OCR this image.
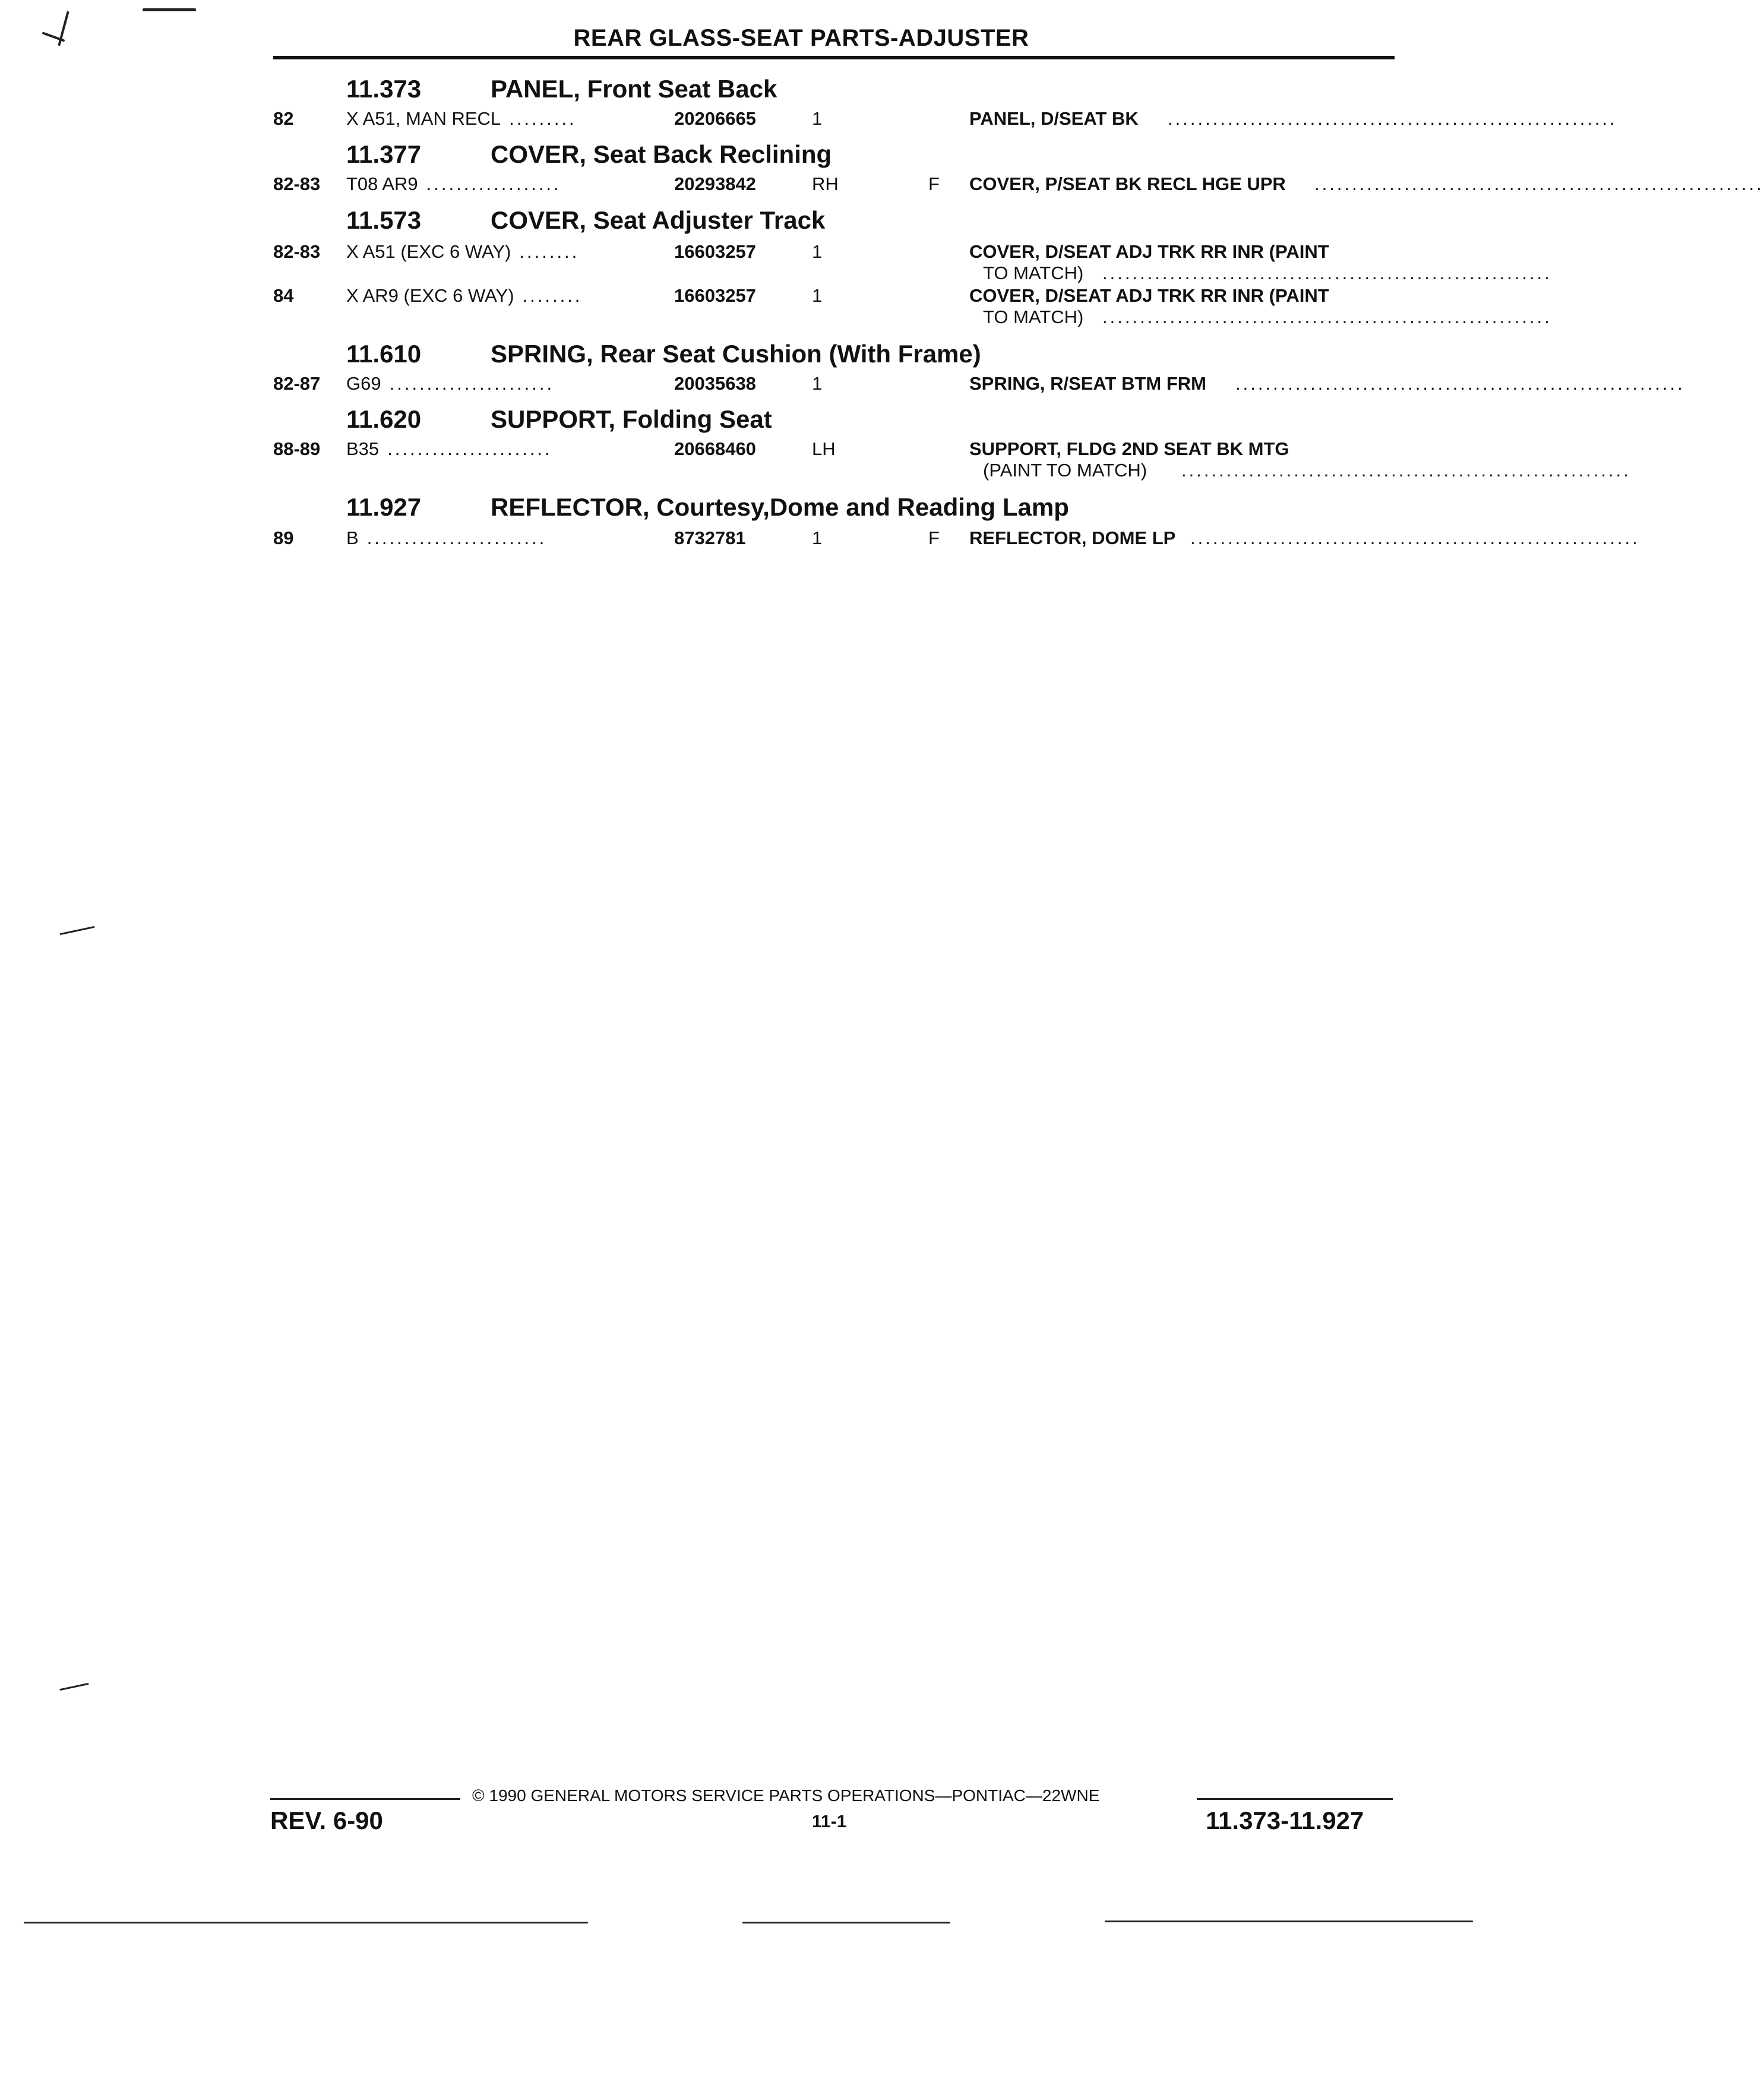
REAR GLASS-SEAT PARTS-ADJUSTER
11.373	PANEL, Front Seat Back
82	X A51, MAN RECL .........	20206665	1	PANEL, D/SEAT BK ............................................................
11.377	COVER, Seat Back Reclining
82-83 T08 AR9 ..................	20293842	RH	F COVER, P/SEAT BK RECL HGE UPR ............................................................
11.573	COVER, Seat Adjuster Track
82-83 X A51 (EXC 6 WAY) ........	16603257	1	COVER, D/SEAT ADJ TRK RR INR (PAINT
TO MATCH) ............................................................
84	X AR9 (EXC 6 WAY) ........	16603257	1	COVER, D/SEAT ADJ TRK RR INR (PAINT
TO MATCH) ............................................................
11.610	SPRING, Rear Seat Cushion (With Frame)
82-87 G69 ......................	20035638	1	SPRING, R/SEAT BTM FRM ............................................................
11.620	SUPPORT, Folding Seat
88-89 B35 ......................	20668460	LH	SUPPORT, FLDG 2ND SEAT BK MTG
(PAINT TO MATCH) ............................................................
11.927	REFLECTOR, Courtesy,Dome and Reading Lamp
89	B ........................	8732781	1	F REFLECTOR, DOME LP ............................................................
© 1990 GENERAL MOTORS SERVICE PARTS OPERATIONS—PONTIAC—22WNE
REV. 6-90	11-1	11.373-11.927
